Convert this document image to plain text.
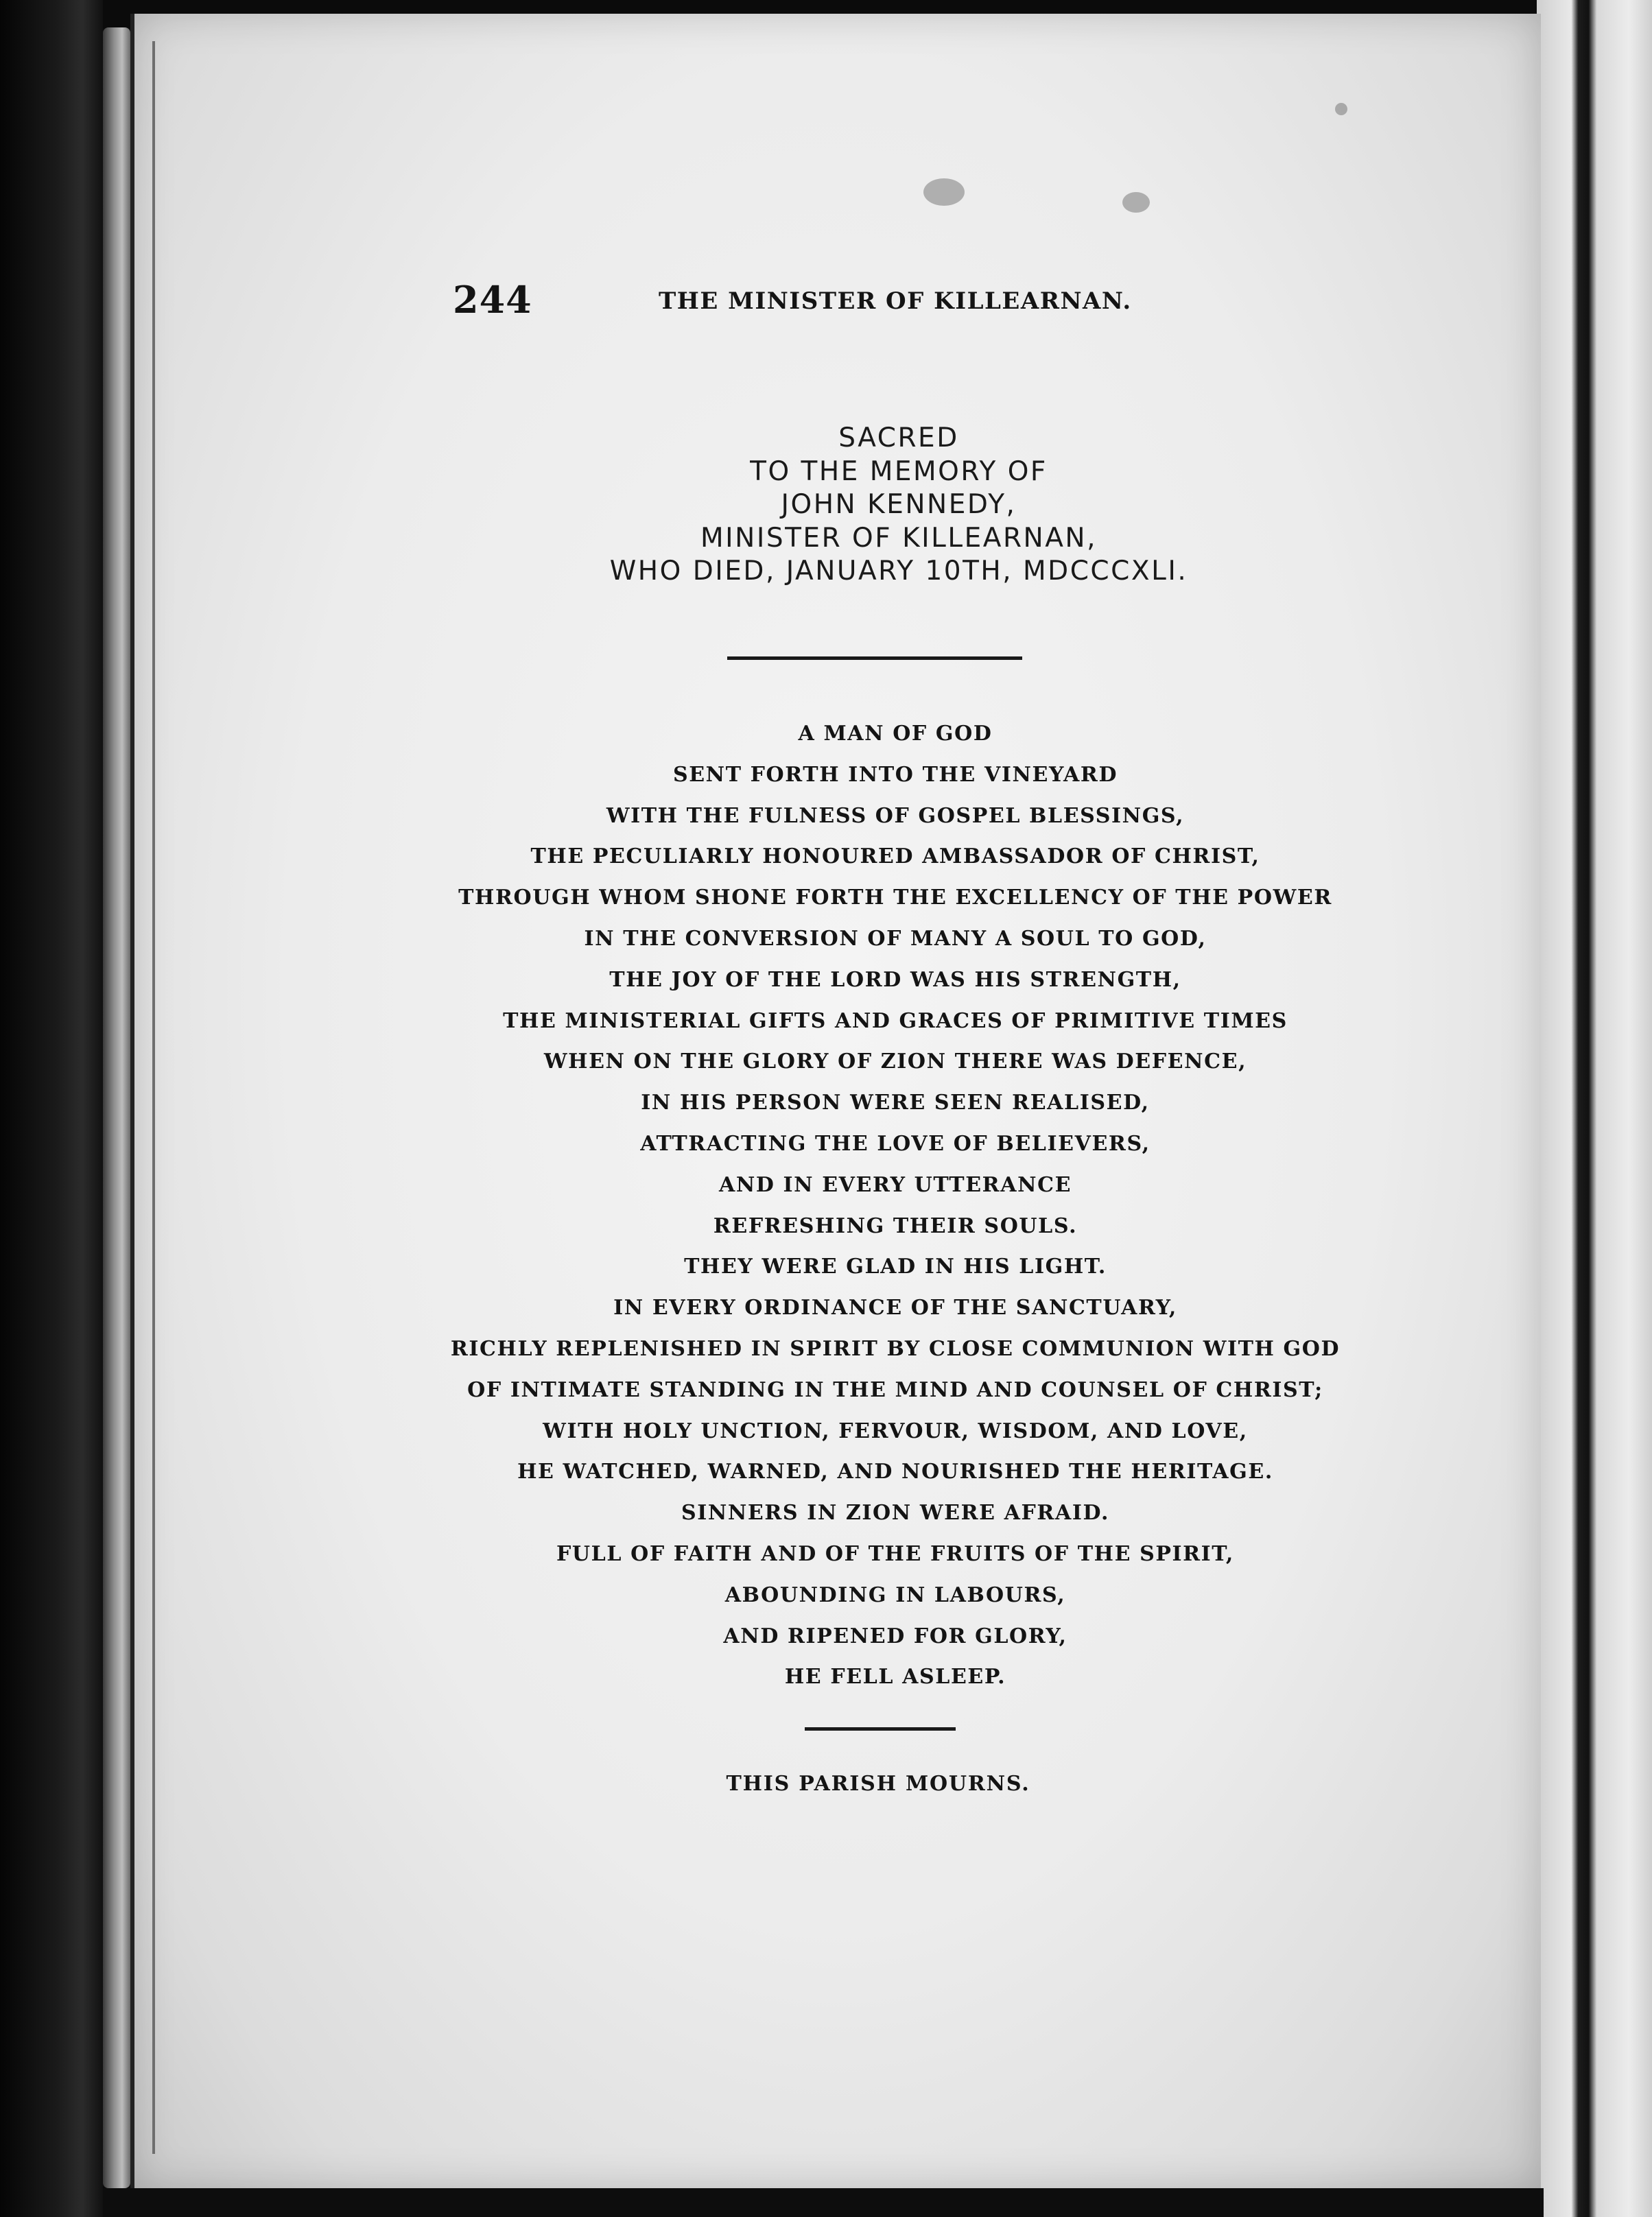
244	THE MINISTER OF KILLEARNAN.
SACRED
TO THE MEMORY OF
JOHN KENNEDY,
MINISTER OF KILLEARNAN,
WHO DIED, JANUARY 10TH, MDCCCXLI.
A MAN OF GOD
SENT FORTH INTO THE VINEYARD
WITH THE FULNESS OF GOSPEL BLESSINGS,
THE PECULIARLY HONOURED AMBASSADOR OF CHRIST,
THROUGH WHOM SHONE FORTH THE EXCELLENCY OF THE POWER
IN THE CONVERSION OF MANY A SOUL TO GOD,
THE JOY OF THE LORD WAS HIS STRENGTH,
THE MINISTERIAL GIFTS AND GRACES OF PRIMITIVE TIMES
WHEN ON THE GLORY OF ZION THERE WAS DEFENCE,
IN HIS PERSON WERE SEEN REALISED,
ATTRACTING THE LOVE OF BELIEVERS,
AND IN EVERY UTTERANCE
REFRESHING THEIR SOULS.
THEY WERE GLAD IN HIS LIGHT.
IN EVERY ORDINANCE OF THE SANCTUARY,
RICHLY REPLENISHED IN SPIRIT BY CLOSE COMMUNION WITH GOD
OF INTIMATE STANDING IN THE MIND AND COUNSEL OF CHRIST;
WITH HOLY UNCTION, FERVOUR, WISDOM, AND LOVE,
HE WATCHED, WARNED, AND NOURISHED THE HERITAGE.
SINNERS IN ZION WERE AFRAID.
FULL OF FAITH AND OF THE FRUITS OF THE SPIRIT,
ABOUNDING IN LABOURS,
AND RIPENED FOR GLORY,
HE FELL ASLEEP.
THIS PARISH MOURNS.
